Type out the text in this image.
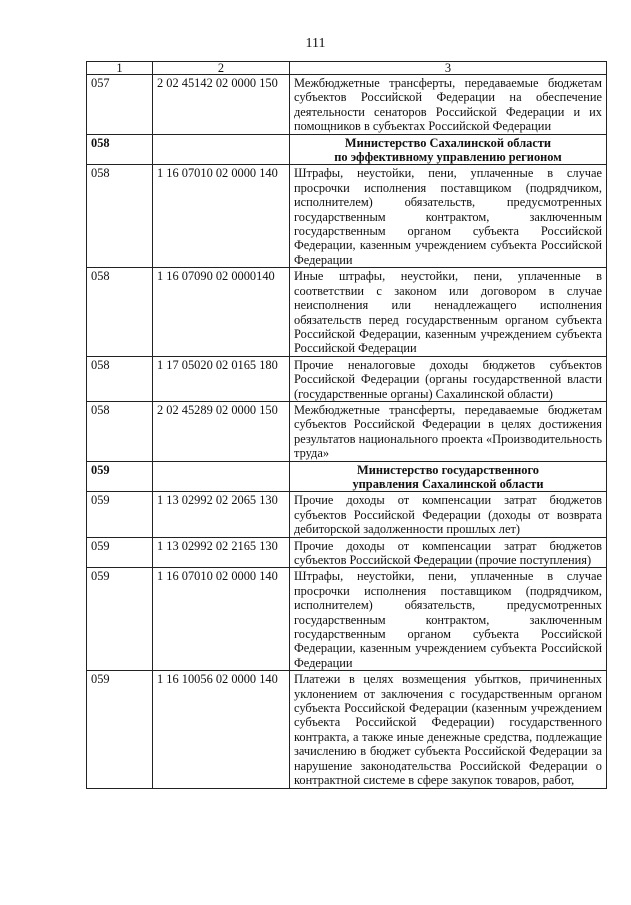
111
1	2	3
057	2 02 45142 02 0000 150	Межбюджетные трансферты, передаваемые бюджетам субъектов Российской Федерации на обеспечение деятельности сенаторов Российской Федерации и их помощников в субъектах Российской Федерации
058		Министерство Сахалинской области
по эффективному управлению регионом
058	1 16 07010 02 0000 140	Штрафы, неустойки, пени, уплаченные в случае просрочки исполнения поставщиком (подрядчиком, исполнителем) обязательств, предусмотренных государственным контрактом, заключенным государственным органом субъекта Российской Федерации, казенным учреждением субъекта Российской Федерации
058	1 16 07090 02 0000140	Иные штрафы, неустойки, пени, уплаченные в соответствии с законом или договором в случае неисполнения или ненадлежащего исполнения обязательств перед государственным органом субъекта Российской Федерации, казенным учреждением субъекта Российской Федерации
058	1 17 05020 02 0165 180	Прочие неналоговые доходы бюджетов субъектов Российской Федерации (органы государственной власти (государственные органы) Сахалинской области)
058	2 02 45289 02 0000 150	Межбюджетные трансферты, передаваемые бюджетам субъектов Российской Федерации в целях достижения результатов национального проекта «Производительность труда»
059		Министерство государственного
управления Сахалинской области
059	1 13 02992 02 2065 130	Прочие доходы от компенсации затрат бюджетов субъектов Российской Федерации (доходы от возврата дебиторской задолженности прошлых лет)
059	1 13 02992 02 2165 130	Прочие доходы от компенсации затрат бюджетов субъектов Российской Федерации (прочие поступления)
059	1 16 07010 02 0000 140	Штрафы, неустойки, пени, уплаченные в случае просрочки исполнения поставщиком (подрядчиком, исполнителем) обязательств, предусмотренных государственным контрактом, заключенным государственным органом субъекта Российской Федерации, казенным учреждением субъекта Российской Федерации
059	1 16 10056 02 0000 140	Платежи в целях возмещения убытков, причиненных уклонением от заключения с государственным органом субъекта Российской Федерации (казенным учреждением субъекта Российской Федерации) государственного контракта, а также иные денежные средства, подлежащие зачислению в бюджет субъекта Российской Федерации за нарушение законодательства Российской Федерации о контрактной системе в сфере закупок товаров, работ,
